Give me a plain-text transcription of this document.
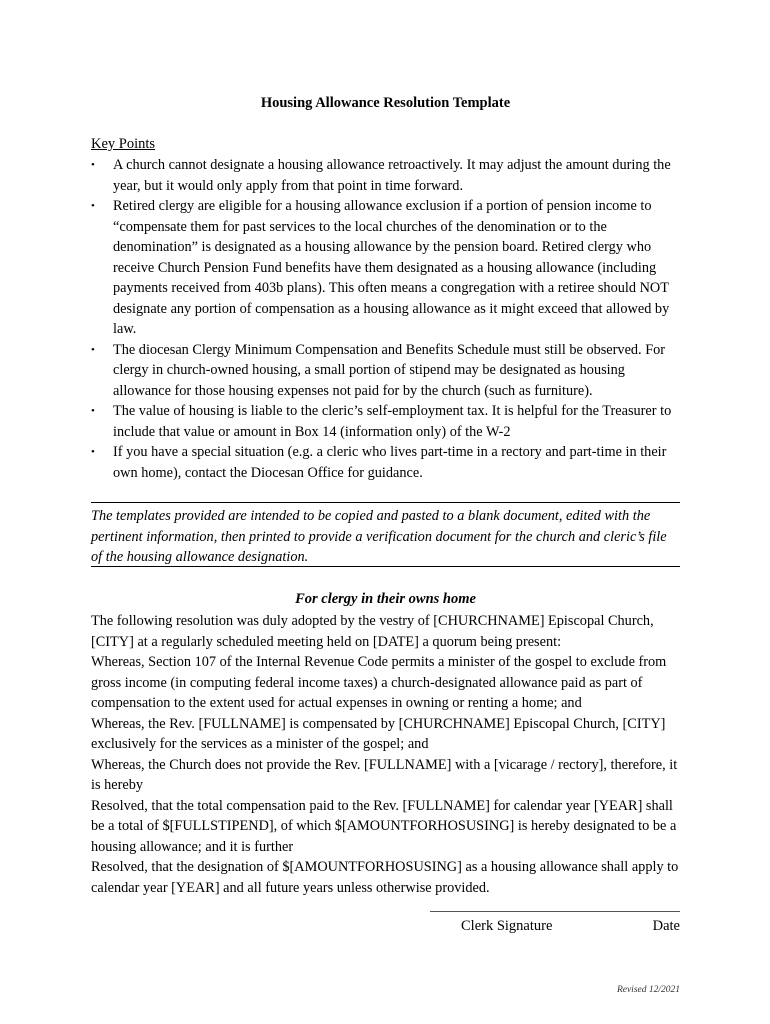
Housing Allowance Resolution Template
Key Points
•	A church cannot designate a housing allowance retroactively. It may adjust the amount during the year, but it would only apply from that point in time forward.
•	Retired clergy are eligible for a housing allowance exclusion if a portion of pension income to “compensate them for past services to the local churches of the denomination or to the denomination” is designated as a housing allowance by the pension board. Retired clergy who receive Church Pension Fund benefits have them designated as a housing allowance (including payments received from 403b plans). This often means a congregation with a retiree should NOT designate any portion of compensation as a housing allowance as it might exceed that allowed by law.
•	The diocesan Clergy Minimum Compensation and Benefits Schedule must still be observed. For clergy in church-owned housing, a small portion of stipend may be designated as housing allowance for those housing expenses not paid for by the church (such as furniture).
•	The value of housing is liable to the cleric’s self-employment tax. It is helpful for the Treasurer to include that value or amount in Box 14 (information only) of the W-2
•	If you have a special situation (e.g. a cleric who lives part-time in a rectory and part-time in their own home), contact the Diocesan Office for guidance.
The templates provided are intended to be copied and pasted to a blank document, edited with the pertinent information, then printed to provide a verification document for the church and cleric’s file of the housing allowance designation.
For clergy in their owns home

The following resolution was duly adopted by the vestry of [CHURCHNAME] Episcopal Church, [CITY] at a regularly scheduled meeting held on [DATE] a quorum being present:

Whereas, Section 107 of the Internal Revenue Code permits a minister of the gospel to exclude from gross income (in computing federal income taxes) a church-designated allowance paid as part of compensation to the extent used for actual expenses in owning or renting a home; and

Whereas, the Rev. [FULLNAME] is compensated by [CHURCHNAME] Episcopal Church, [CITY] exclusively for the services as a minister of the gospel; and

Whereas, the Church does not provide the Rev. [FULLNAME] with a [vicarage / rectory], therefore, it is hereby

Resolved, that the total compensation paid to the Rev. [FULLNAME] for calendar year [YEAR] shall be a total of $[FULLSTIPEND], of which $[AMOUNTFORHOSUSING] is hereby designated to be a housing allowance; and it is further

Resolved, that the designation of $[AMOUNTFORHOSUSING] as a housing allowance shall apply to calendar year [YEAR] and all future years unless otherwise provided.

Clerk Signature	Date
Revised 12/2021
